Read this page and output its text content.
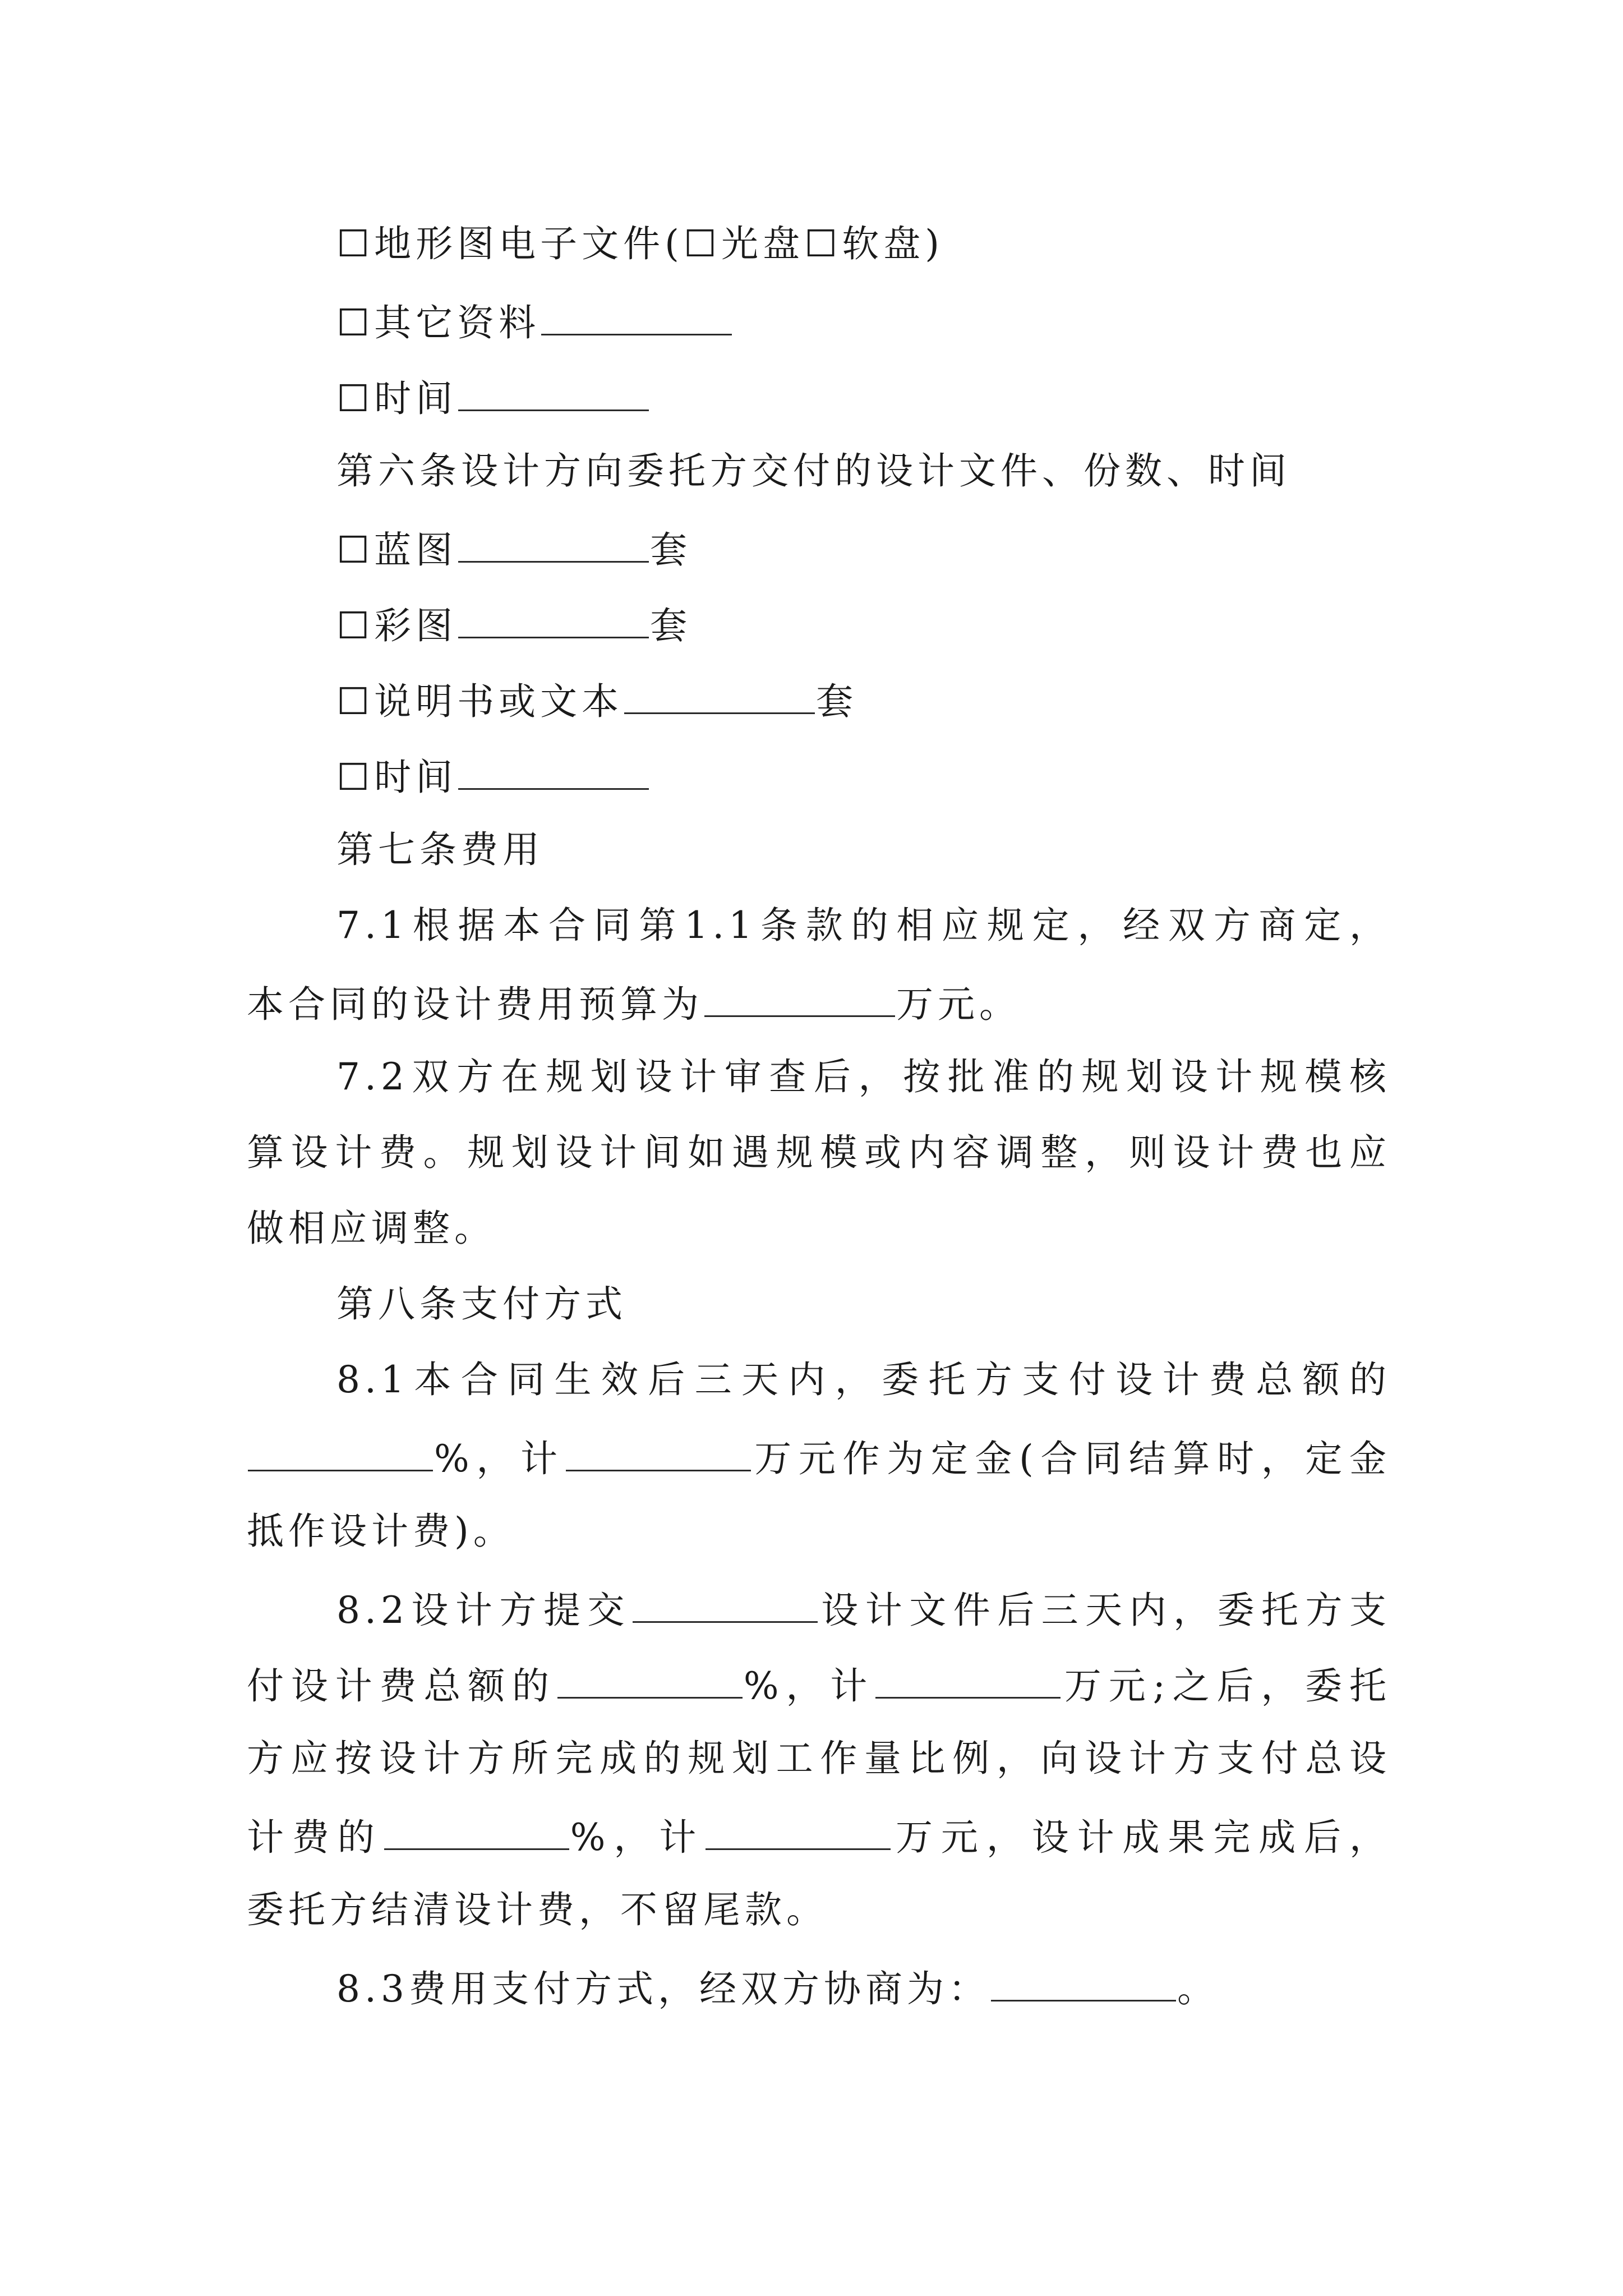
☐地形图电子文件(☐光盘☐软盘)
☐其它资料
☐时间
第六条设计方向委托方交付的设计文件、份数、时间
☐蓝图	套
☐彩图	套
☐说明书或文本	套
☐时间
第七条费用
7.1根据本合同第1.1条款的相应规定，经双方商定，
本合同的设计费用预算为	万元。
7.2双方在规划设计审查后，按批准的规划设计规模核
算设计费。规划设计间如遇规模或内容调整，则设计费也应
做相应调整。
第八条支付方式
8.1本合同生效后三天内，委托方支付设计费总额的
%，计	万元作为定金(合同结算时，定金
抵作设计费)。
8.2设计方提交	设计文件后三天内，委托方支
付设计费总额的	%，计	万元;之后，委托
方应按设计方所完成的规划工作量比例，向设计方支付总设
计费的	%，计	万元，设计成果完成后，
委托方结清设计费，不留尾款。
8.3费用支付方式，经双方协商为：	。
